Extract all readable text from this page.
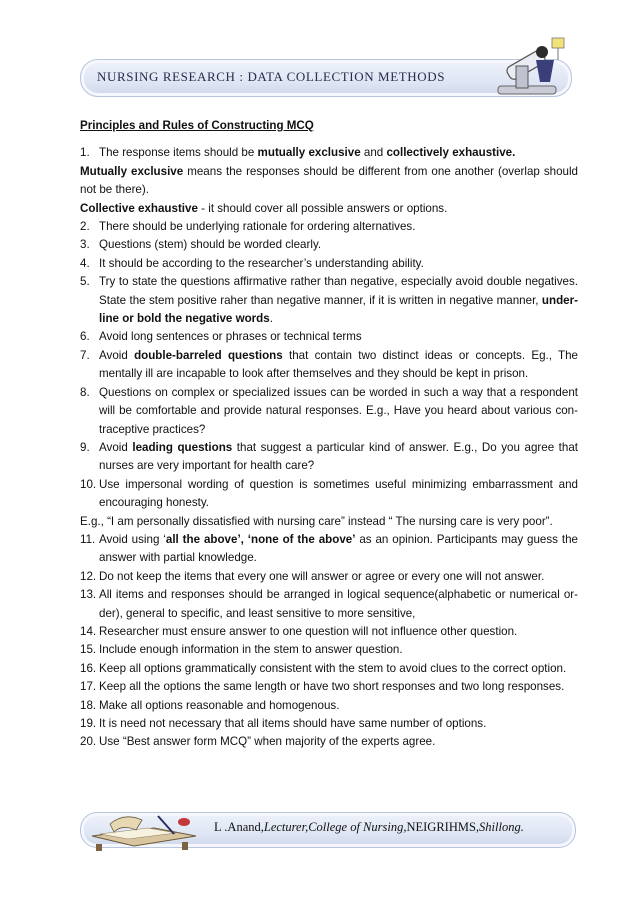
NURSING RESEARCH : DATA COLLECTION METHODS
Principles and Rules of Constructing MCQ
1. The response items should be mutually exclusive and collectively exhaustive.

Mutually exclusive means the responses should be different from one another (overlap should not be there).

Collective exhaustive - it should cover all possible answers or options.

2. There should be underlying rationale for ordering alternatives.
3. Questions (stem) should be worded clearly.
4. It should be according to the researcher’s understanding ability.
5. Try to state the questions affirmative rather than negative, especially avoid double negatives. State the stem positive raher than negative manner, if it is written in negative manner, under-line or bold the negative words.
6. Avoid long sentences or phrases or technical terms
7. Avoid double-barreled questions that contain two distinct ideas or concepts. Eg., The mentally ill are incapable to look after themselves and they should be kept in prison.
8. Questions on complex or specialized issues can be worded in such a way that a respondent will be comfortable and provide natural responses. E.g., Have you heard about various con-traceptive practices?
9. Avoid leading questions that suggest a particular kind of answer. E.g., Do you agree that nurses are very important for health care?
10. Use impersonal wording of question is sometimes useful minimizing embarrassment and encouraging honesty.

E.g., “I am personally dissatisfied with nursing care” instead “ The nursing care is very poor”.

11. Avoid using ‘all the above’, ‘none of the above’ as an opinion. Participants may guess the answer with partial knowledge.
12. Do not keep the items that every one will answer or agree or every one will not answer.
13. All items and responses should be arranged in logical sequence(alphabetic or numerical or-der), general to specific, and least sensitive to more sensitive,
14. Researcher must ensure answer to one question will not influence other question.
15. Include enough information in the stem to answer question.
16. Keep all options grammatically consistent with the stem to avoid clues to the correct option.
17. Keep all the options the same length or have two short responses and two long responses.
18. Make all options reasonable and homogenous.
19. It is need not necessary that all items should have same number of options.
20. Use “Best answer form MCQ” when majority of the experts agree.
L .Anand,Lecturer,College of Nursing,NEIGRIHMS,Shillong.
